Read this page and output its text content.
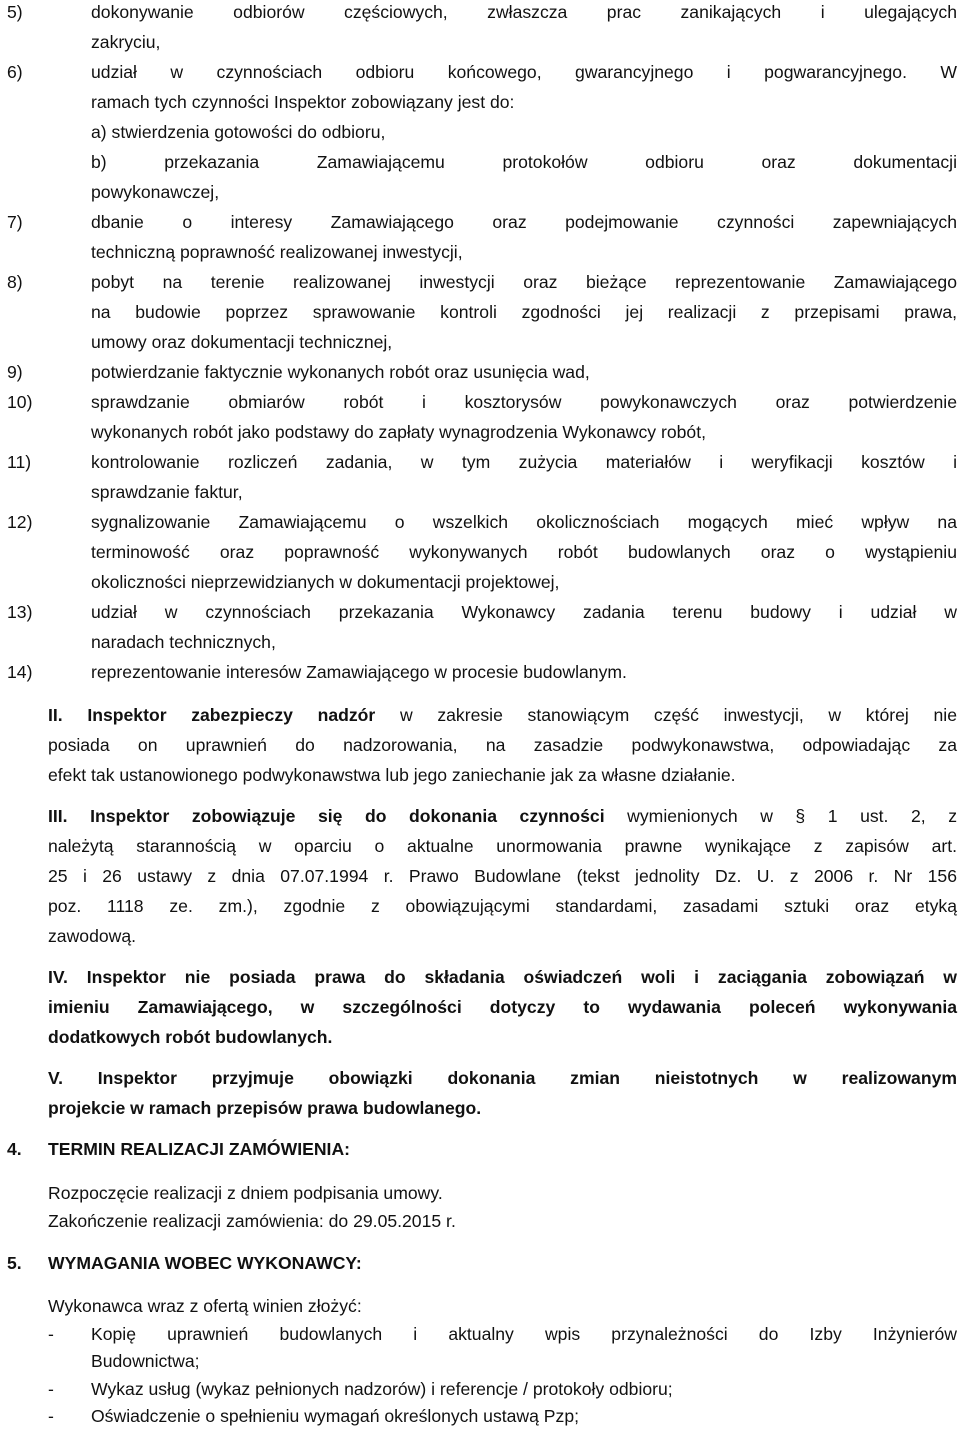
5)	dokonywanie odbiorów częściowych, zwłaszcza prac zanikających i ulegających
zakryciu,
6)	udział w czynnościach odbioru końcowego, gwarancyjnego i pogwarancyjnego. W
ramach tych czynności Inspektor zobowiązany jest do:
a) stwierdzenia gotowości do odbioru,
b) przekazania Zamawiającemu protokołów odbioru oraz dokumentacji
powykonawczej,
7)	dbanie o interesy Zamawiającego oraz podejmowanie czynności zapewniających
techniczną poprawność realizowanej inwestycji,
8)	pobyt na terenie realizowanej inwestycji oraz bieżące reprezentowanie Zamawiającego
na budowie poprzez sprawowanie kontroli zgodności jej realizacji z przepisami prawa,
umowy oraz dokumentacji technicznej,
9)	potwierdzanie faktycznie wykonanych robót oraz usunięcia wad,
10)	sprawdzanie obmiarów robót i kosztorysów powykonawczych oraz potwierdzenie
wykonanych robót jako podstawy do zapłaty wynagrodzenia Wykonawcy robót,
11)	kontrolowanie rozliczeń zadania, w tym zużycia materiałów i weryfikacji kosztów i
sprawdzanie faktur,
12)	sygnalizowanie Zamawiającemu o wszelkich okolicznościach mogących mieć wpływ na
terminowość oraz poprawność wykonywanych robót budowlanych oraz o wystąpieniu
okoliczności nieprzewidzianych w dokumentacji projektowej,
13)	udział w czynnościach przekazania Wykonawcy zadania terenu budowy i udział w
naradach technicznych,
14)	reprezentowanie interesów Zamawiającego w procesie budowlanym.
II. Inspektor zabezpieczy nadzór w zakresie stanowiącym część inwestycji, w której nie
posiada on uprawnień do nadzorowania, na zasadzie podwykonawstwa, odpowiadając za
efekt tak ustanowionego podwykonawstwa lub jego zaniechanie jak za własne działanie.
III. Inspektor zobowiązuje się do dokonania czynności wymienionych w § 1 ust. 2, z
należytą starannością w oparciu o aktualne unormowania prawne wynikające z zapisów art.
25 i 26 ustawy z dnia 07.07.1994 r. Prawo Budowlane (tekst jednolity Dz. U. z 2006 r. Nr 156
poz. 1118 ze. zm.), zgodnie z obowiązującymi standardami, zasadami sztuki oraz etyką
zawodową.
IV. Inspektor nie posiada prawa do składania oświadczeń woli i zaciągania zobowiązań w
imieniu Zamawiającego, w szczególności dotyczy to wydawania poleceń wykonywania
dodatkowych robót budowlanych.
V. Inspektor przyjmuje obowiązki dokonania zmian nieistotnych w realizowanym
projekcie w ramach przepisów prawa budowlanego.
4. TERMIN REALIZACJI ZAMÓWIENIA:
Rozpoczęcie realizacji z dniem podpisania umowy.
Zakończenie realizacji zamówienia: do 29.05.2015 r.
5. WYMAGANIA WOBEC WYKONAWCY:
Wykonawca wraz z ofertą winien złożyć:
- Kopię uprawnień budowlanych i aktualny wpis przynależności do Izby Inżynierów
Budownictwa;
- Wykaz usług (wykaz pełnionych nadzorów) i referencje / protokoły odbioru;
- Oświadczenie o spełnieniu wymagań określonych ustawą Pzp;
